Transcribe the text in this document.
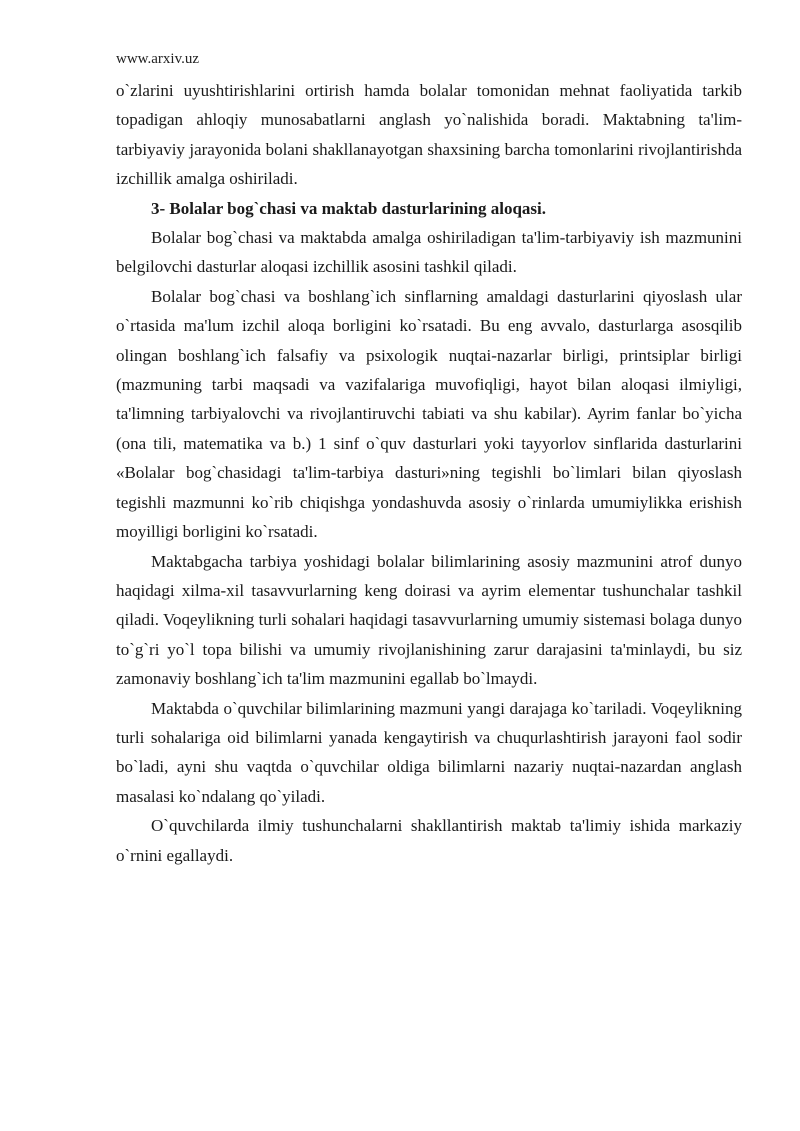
www.arxiv.uz

o`zlarini uyushtirishlarini ortirish hamda bolalar tomonidan mehnat faoliyatida tarkib topadigan ahloqiy munosabatlarni anglash yo`nalishida boradi. Maktabning ta'lim-tarbiyaviy jarayonida bolani shakllanayotgan shaxsining barcha tomonlarini rivojlantirishda izchillik amalga oshiriladi.

3- Bolalar bog`chasi va maktab dasturlarining aloqasi.

Bolalar bog`chasi va maktabda amalga oshiriladigan ta'lim-tarbiyaviy ish mazmunini belgilovchi dasturlar aloqasi izchillik asosini tashkil qiladi.

Bolalar bog`chasi va boshlang`ich sinflarning amaldagi dasturlarini qiyoslash ular o`rtasida ma'lum izchil aloqa borligini ko`rsatadi. Bu eng avvalo, dasturlarga asosqilib olingan boshlang`ich falsafiy va psixologik nuqtai-nazarlar birligi, printsiplar birligi (mazmuning tarbi maqsadi va vazifalariga muvofiqligi, hayot bilan aloqasi ilmiyligi, ta'limning tarbiyalovchi va rivojlantiruvchi tabiati va shu kabilar). Ayrim fanlar bo`yicha (ona tili, matematika va b.) 1 sinf o`quv dasturlari yoki tayyorlov sinflarida dasturlarini «Bolalar bog`chasidagi ta'lim-tarbiya dasturi»ning tegishli bo`limlari bilan qiyoslash tegishli mazmunni ko`rib chiqishga yondashuvda asosiy o`rinlarda umumiylikka erishish moyilligi borligini ko`rsatadi.

Maktabgacha tarbiya yoshidagi bolalar bilimlarining asosiy mazmunini atrof dunyo haqidagi xilma-xil tasavvurlarning keng doirasi va ayrim elementar tushunchalar tashkil qiladi. Voqeylikning turli sohalari haqidagi tasavvurlarning umumiy sistemasi bolaga dunyo to`g`ri yo`l topa bilishi va umumiy rivojlanishining zarur darajasini ta'minlaydi, bu siz zamonaviy boshlang`ich ta'lim mazmunini egallab bo`lmaydi.

Maktabda o`quvchilar bilimlarining mazmuni yangi darajaga ko`tariladi. Voqeylikning turli sohalariga oid bilimlarni yanada kengaytirish va chuqurlashtirish jarayoni faol sodir bo`ladi, ayni shu vaqtda o`quvchilar oldiga bilimlarni nazariy nuqtai-nazardan anglash masalasi ko`ndalang qo`yiladi.

O`quvchilarda ilmiy tushunchalarni shakllantirish maktab ta'limiy ishida markaziy o`rnini egallaydi.
